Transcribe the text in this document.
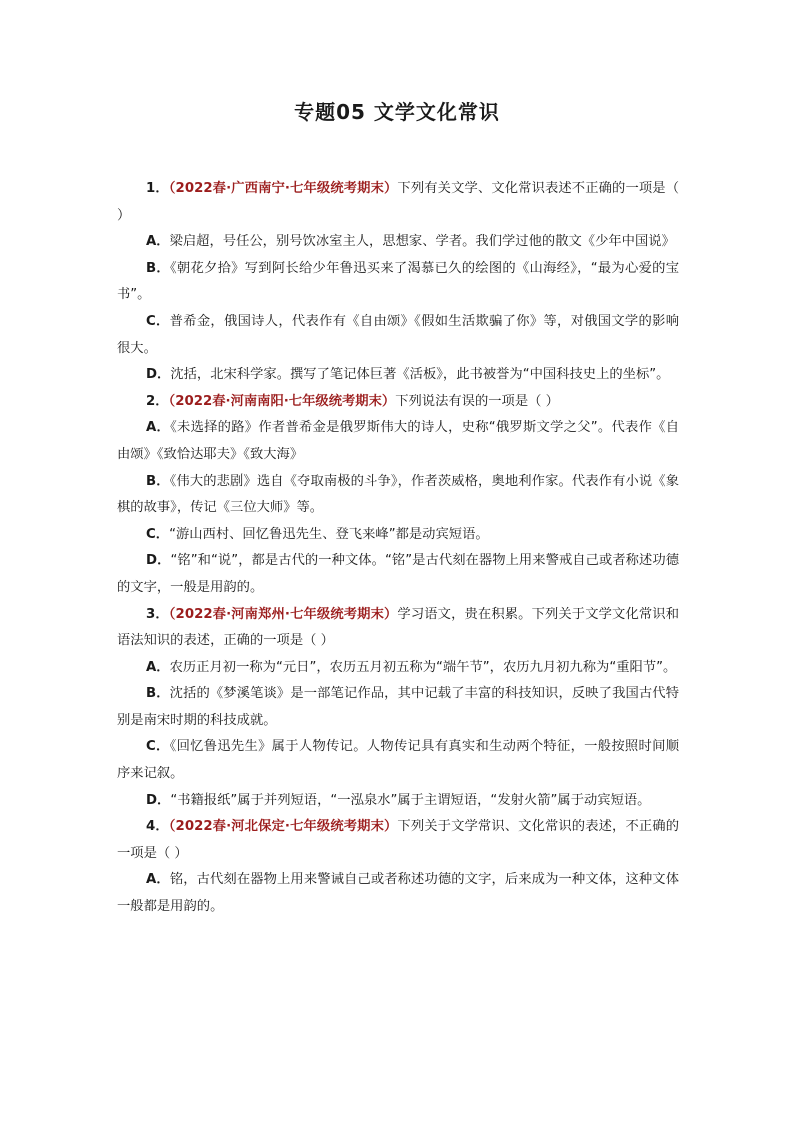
专题05 文学文化常识

1．（2022春·广西南宁·七年级统考期末）下列有关文学、文化常识表述不正确的一项是（ ）

A．梁启超，号任公，别号饮冰室主人，思想家、学者。我们学过他的散文《少年中国说》

B．《朝花夕拾》写到阿长给少年鲁迅买来了渴慕已久的绘图的《山海经》，“最为心爱的宝书”。

C．普希金，俄国诗人，代表作有《自由颂》《假如生活欺骗了你》等，对俄国文学的影响很大。

D．沈括，北宋科学家。撰写了笔记体巨著《活板》，此书被誉为“中国科技史上的坐标”。

2．（2022春·河南南阳·七年级统考期末）下列说法有误的一项是（ ）

A．《未选择的路》作者普希金是俄罗斯伟大的诗人，史称“俄罗斯文学之父”。代表作《自由颂》《致恰达耶夫》《致大海》

B．《伟大的悲剧》选自《夺取南极的斗争》，作者茨威格，奥地利作家。代表作有小说《象棋的故事》，传记《三位大师》等。

C．“游山西村、回忆鲁迅先生、登飞来峰”都是动宾短语。

D．“铭”和“说”，都是古代的一种文体。“铭”是古代刻在器物上用来警戒自己或者称述功德的文字，一般是用韵的。

3．（2022春·河南郑州·七年级统考期末）学习语文，贵在积累。下列关于文学文化常识和语法知识的表述，正确的一项是（ ）

A．农历正月初一称为“元日”，农历五月初五称为“端午节”，农历九月初九称为“重阳节”。

B．沈括的《梦溪笔谈》是一部笔记作品，其中记载了丰富的科技知识，反映了我国古代特别是南宋时期的科技成就。

C．《回忆鲁迅先生》属于人物传记。人物传记具有真实和生动两个特征，一般按照时间顺序来记叙。

D．“书籍报纸”属于并列短语，“一泓泉水”属于主谓短语，“发射火箭”属于动宾短语。

4．（2022春·河北保定·七年级统考期末）下列关于文学常识、文化常识的表述，不正确的一项是（ ）

A．铭，古代刻在器物上用来警诫自己或者称述功德的文字，后来成为一种文体，这种文体一般都是用韵的。
